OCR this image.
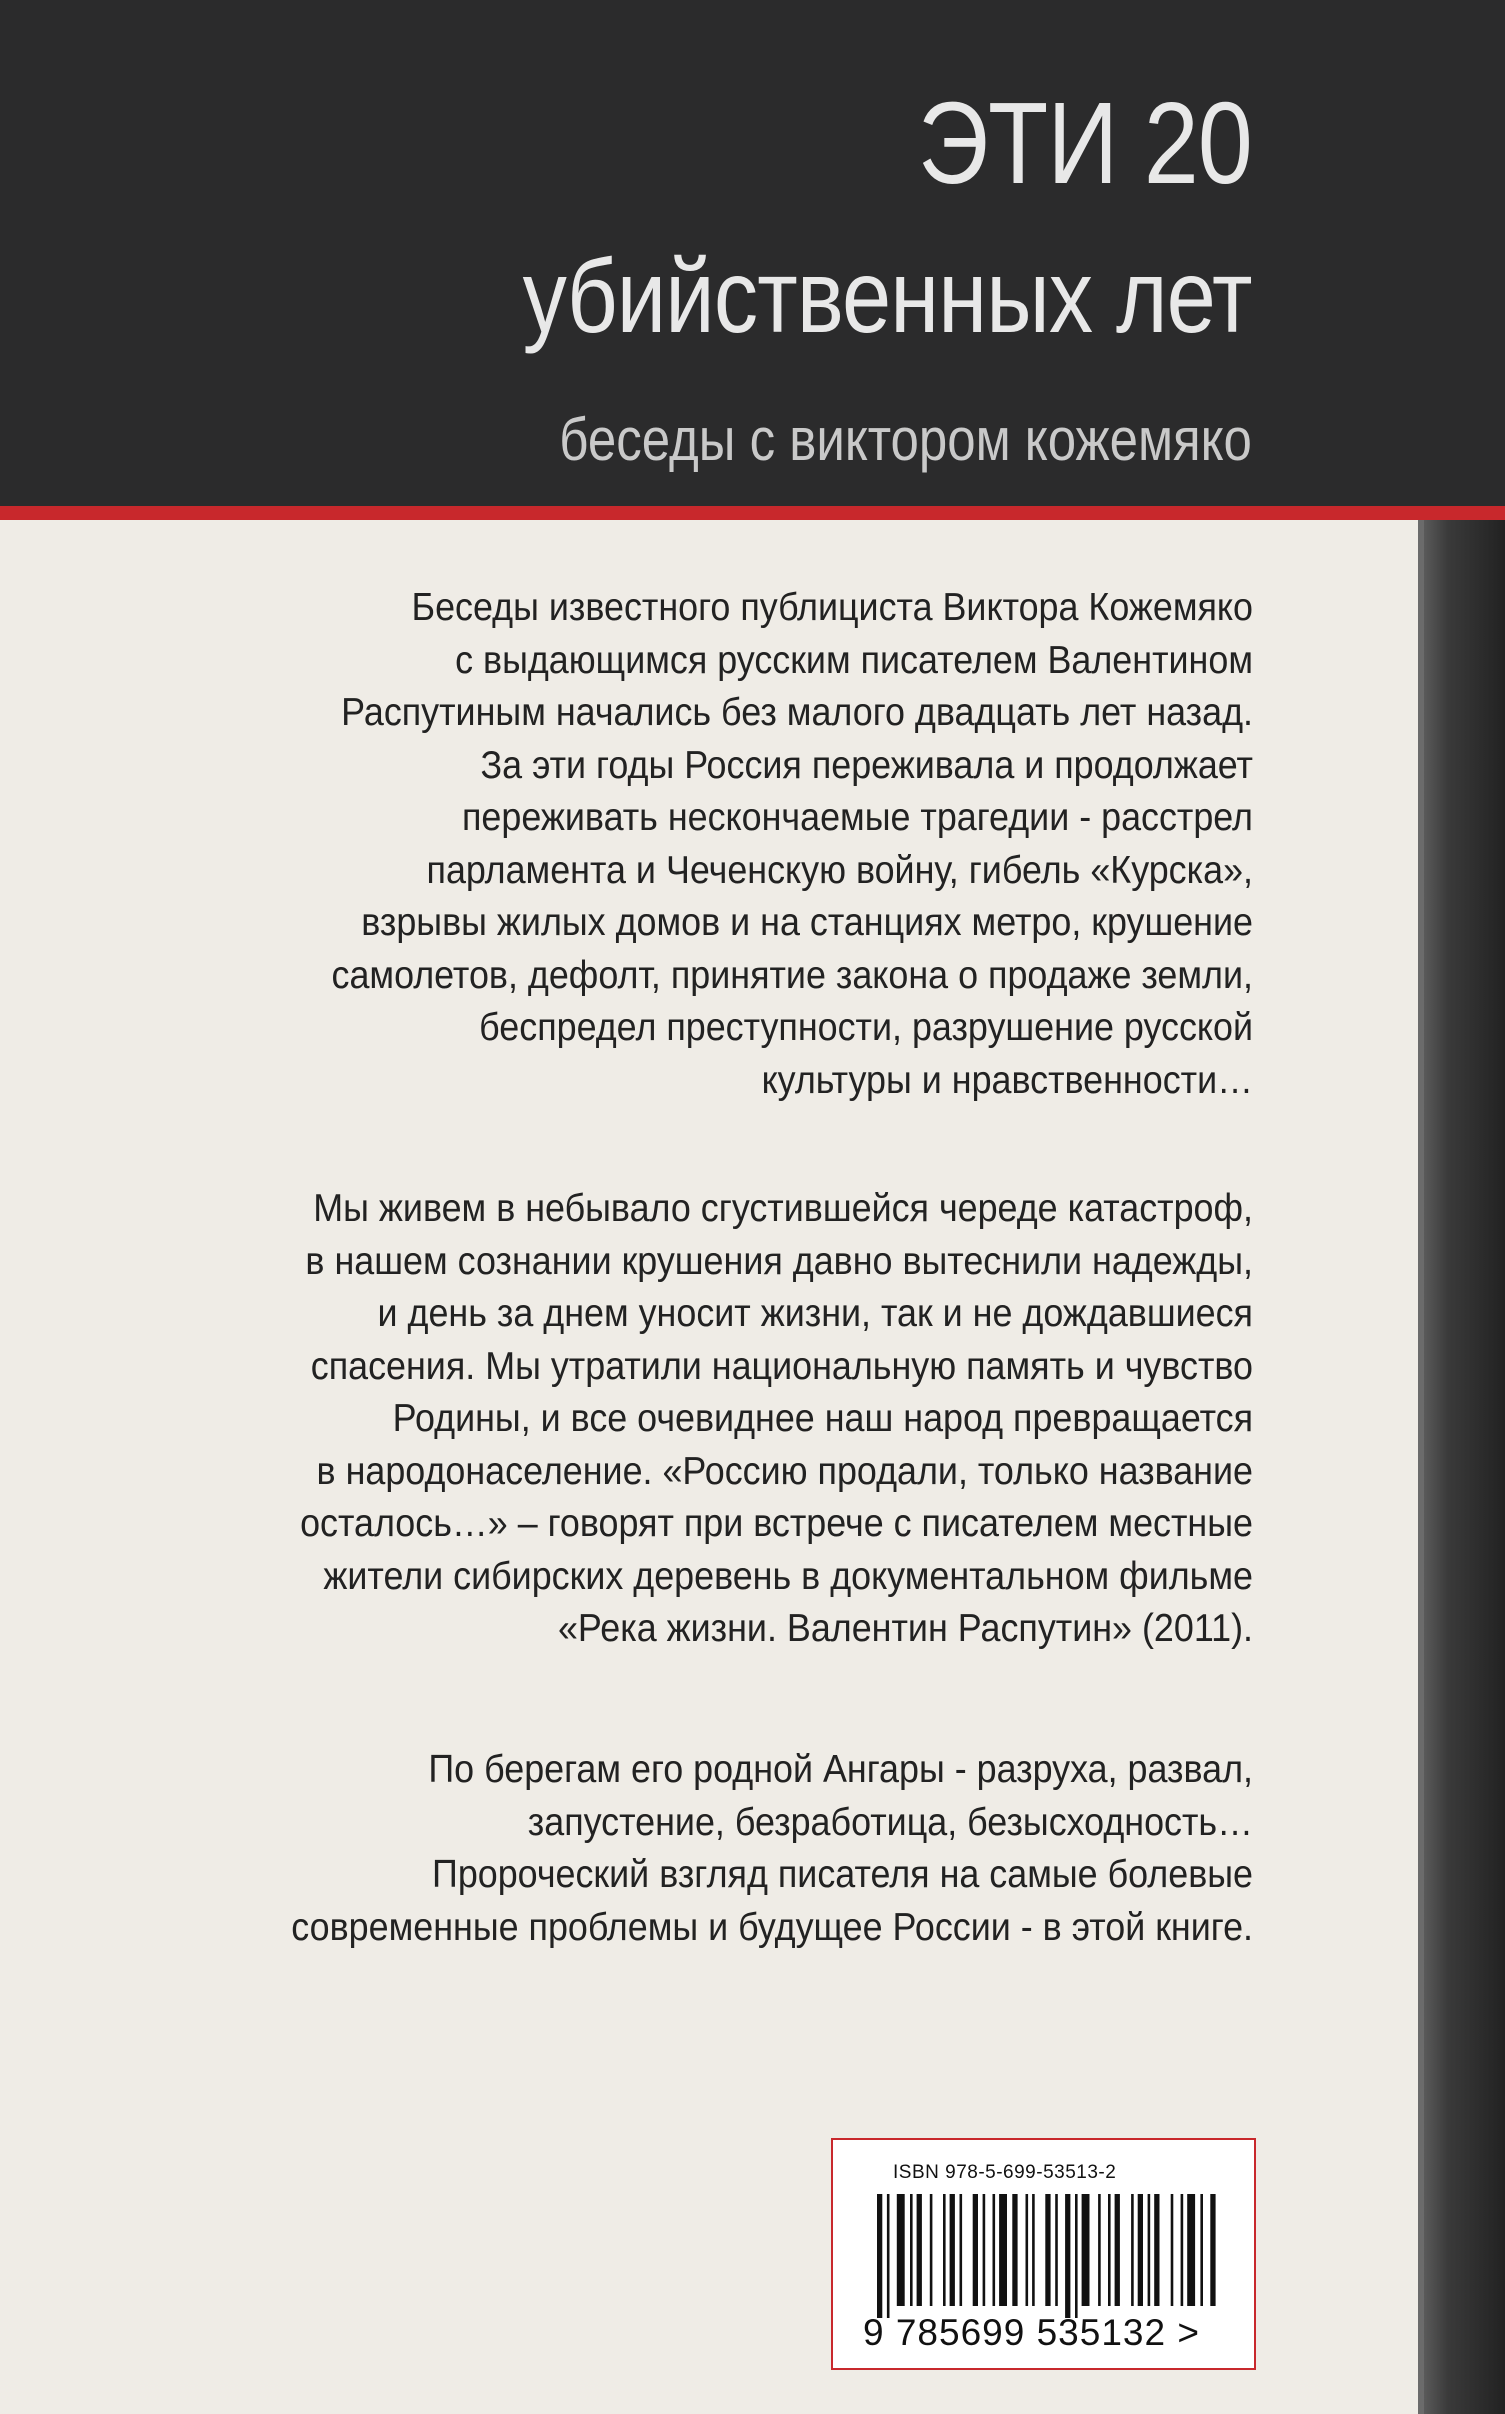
ЭТИ 20
убийственных лет
беседы с виктором кожемяко
Беседы известного публициста Виктора Кожемяко
с выдающимся русским писателем Валентином
Распутиным начались без малого двадцать лет назад.
За эти годы Россия переживала и продолжает
переживать нескончаемые трагедии - расстрел
парламента и Чеченскую войну, гибель «Курска»,
взрывы жилых домов и на станциях метро, крушение
самолетов, дефолт, принятие закона о продаже земли,
беспредел преступности, разрушение русской
культуры и нравственности…
Мы живем в небывало сгустившейся череде катастроф,
в нашем сознании крушения давно вытеснили надежды,
и день за днем уносит жизни, так и не дождавшиеся
спасения. Мы утратили национальную память и чувство
Родины, и все очевиднее наш народ превращается
в народонаселение. «Россию продали, только название
осталось…» – говорят при встрече с писателем местные
жители сибирских деревень в документальном фильме
«Река жизни. Валентин Распутин» (2011).
По берегам его родной Ангары - разруха, развал,
запустение, безработица, безысходность…
Пророческий взгляд писателя на самые болевые
современные проблемы и будущее России - в этой книге.
ISBN 978-5-699-53513-2
9 785699 535132 >
